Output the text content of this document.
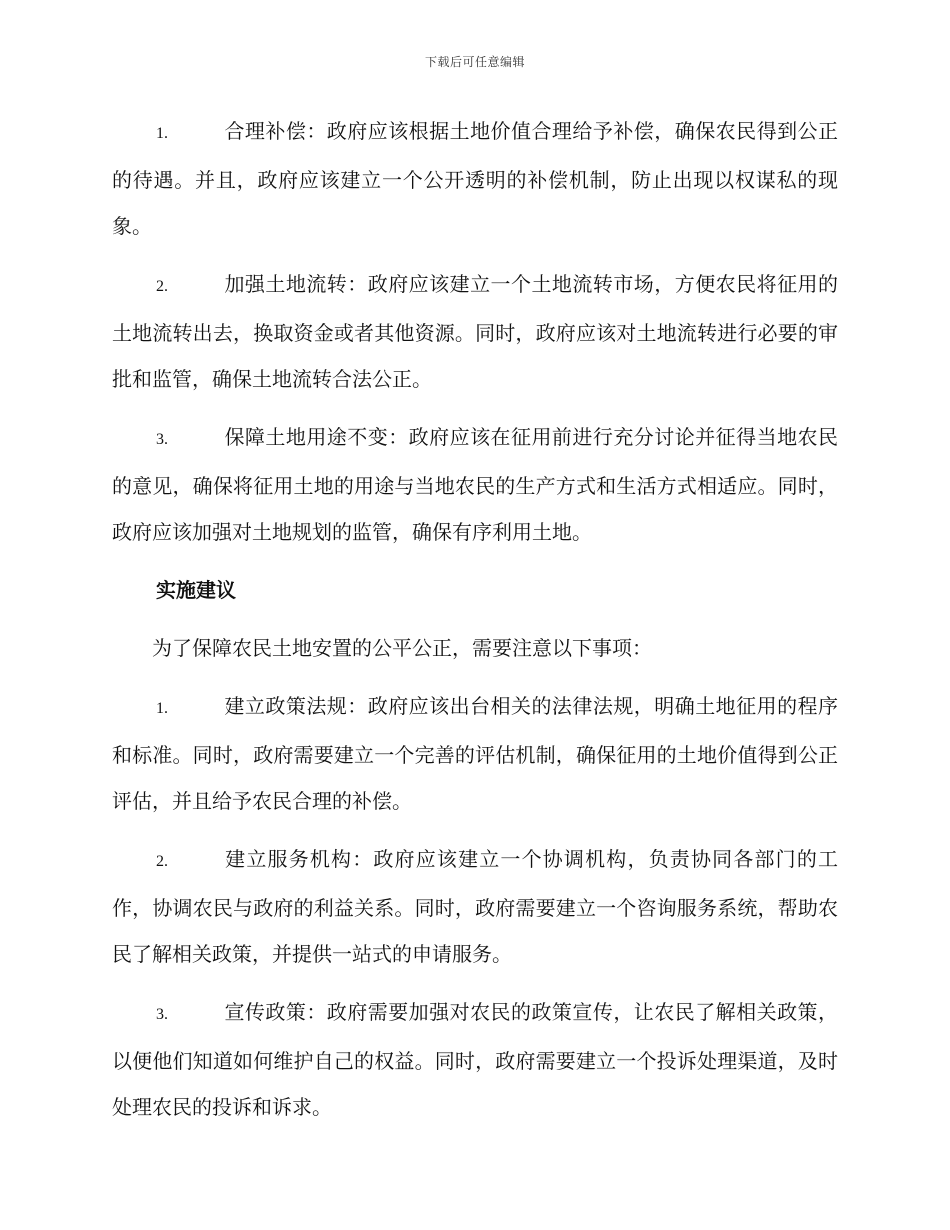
下载后可任意编辑

1.	合理补偿：政府应该根据土地价值合理给予补偿，确保农民得到公正的待遇。并且，政府应该建立一个公开透明的补偿机制，防止出现以权谋私的现象。

2.	加强土地流转：政府应该建立一个土地流转市场，方便农民将征用的土地流转出去，换取资金或者其他资源。同时，政府应该对土地流转进行必要的审批和监管，确保土地流转合法公正。

3.	保障土地用途不变：政府应该在征用前进行充分讨论并征得当地农民的意见，确保将征用土地的用途与当地农民的生产方式和生活方式相适应。同时，政府应该加强对土地规划的监管，确保有序利用土地。

实施建议

为了保障农民土地安置的公平公正，需要注意以下事项：

1.	建立政策法规：政府应该出台相关的法律法规，明确土地征用的程序和标准。同时，政府需要建立一个完善的评估机制，确保征用的土地价值得到公正评估，并且给予农民合理的补偿。

2.	建立服务机构：政府应该建立一个协调机构，负责协同各部门的工作，协调农民与政府的利益关系。同时，政府需要建立一个咨询服务系统，帮助农民了解相关政策，并提供一站式的申请服务。

3.	宣传政策：政府需要加强对农民的政策宣传，让农民了解相关政策，以便他们知道如何维护自己的权益。同时，政府需要建立一个投诉处理渠道，及时处理农民的投诉和诉求。
